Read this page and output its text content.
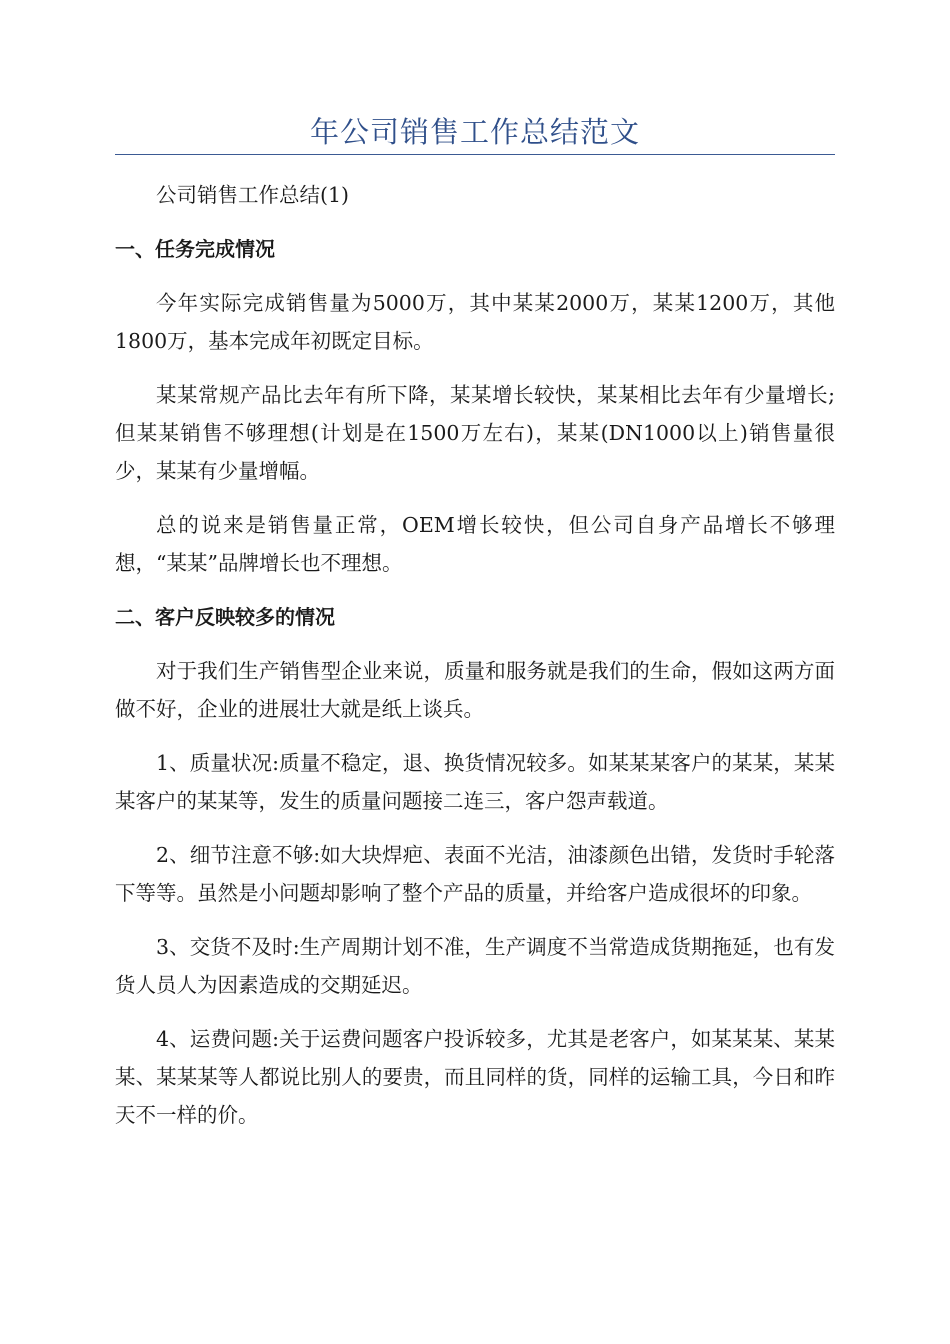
年公司销售工作总结范文

公司销售工作总结(1)

一、任务完成情况

今年实际完成销售量为5000万，其中某某2000万，某某1200万，其他1800万，基本完成年初既定目标。

某某常规产品比去年有所下降，某某增长较快，某某相比去年有少量增长;但某某销售不够理想(计划是在1500万左右)，某某(DN1000以上)销售量很少，某某有少量增幅。

总的说来是销售量正常，OEM增长较快，但公司自身产品增长不够理想，“某某”品牌增长也不理想。

二、客户反映较多的情况

对于我们生产销售型企业来说，质量和服务就是我们的生命，假如这两方面做不好，企业的进展壮大就是纸上谈兵。

1、质量状况:质量不稳定，退、换货情况较多。如某某某客户的某某，某某某客户的某某等，发生的质量问题接二连三，客户怨声载道。

2、细节注意不够:如大块焊疤、表面不光洁，油漆颜色出错，发货时手轮落下等等。虽然是小问题却影响了整个产品的质量，并给客户造成很坏的印象。

3、交货不及时:生产周期计划不准，生产调度不当常造成货期拖延，也有发货人员人为因素造成的交期延迟。

4、运费问题:关于运费问题客户投诉较多，尤其是老客户，如某某某、某某某、某某某等人都说比别人的要贵，而且同样的货，同样的运输工具，今日和昨天不一样的价。
